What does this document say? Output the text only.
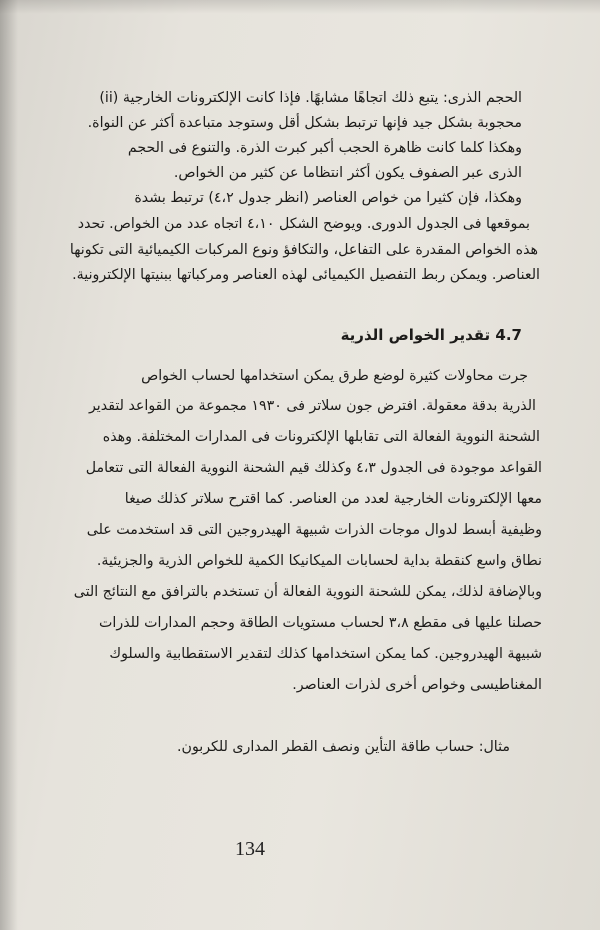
(ii) الحجم الذرى: يتبع ذلك اتجاهًا مشابهًا. فإذا كانت الإلكترونات الخارجية
محجوبة بشكل جيد فإنها ترتبط بشكل أقل وستوجد متباعدة أكثر عن النواة.
وهكذا كلما كانت ظاهرة الحجب أكبر كبرت الذرة. والتنوع فى الحجم
الذرى عبر الصفوف يكون أكثر انتظاما عن كثير من الخواص.
وهكذا، فإن كثيرا من خواص العناصر (انظر جدول ٤،٢) ترتبط بشدة
بموقعها فى الجدول الدورى. ويوضح الشكل ٤،١٠ اتجاه عدد من الخواص. تحدد
هذه الخواص المقدرة على التفاعل، والتكافؤ ونوع المركبات الكيميائية التى تكونها
العناصر. ويمكن ربط التفصيل الكيميائى لهذه العناصر ومركباتها ببنيتها الإلكترونية.
4.7 تقدير الخواص الذرية
جرت محاولات كثيرة لوضع طرق يمكن استخدامها لحساب الخواص
الذرية بدقة معقولة. افترض جون سلاتر فى ١٩٣٠ مجموعة من القواعد لتقدير
الشحنة النووية الفعالة التى تقابلها الإلكترونات فى المدارات المختلفة. وهذه
القواعد موجودة فى الجدول ٤،٣ وكذلك قيم الشحنة النووية الفعالة التى تتعامل
معها الإلكترونات الخارجية لعدد من العناصر. كما اقترح سلاتر كذلك صيغا
وظيفية أبسط لدوال موجات الذرات شبيهة الهيدروجين التى قد استخدمت على
نطاق واسع كنقطة بداية لحسابات الميكانيكا الكمية للخواص الذرية والجزيئية.
وبالإضافة لذلك، يمكن للشحنة النووية الفعالة أن تستخدم بالترافق مع النتائج التى
حصلنا عليها فى مقطع ٣،٨ لحساب مستويات الطاقة وحجم المدارات للذرات
شبيهة الهيدروجين. كما يمكن استخدامها كذلك لتقدير الاستقطابية والسلوك
المغناطيسى وخواص أخرى لذرات العناصر.
مثال: حساب طاقة التأين ونصف القطر المدارى للكربون.
134
